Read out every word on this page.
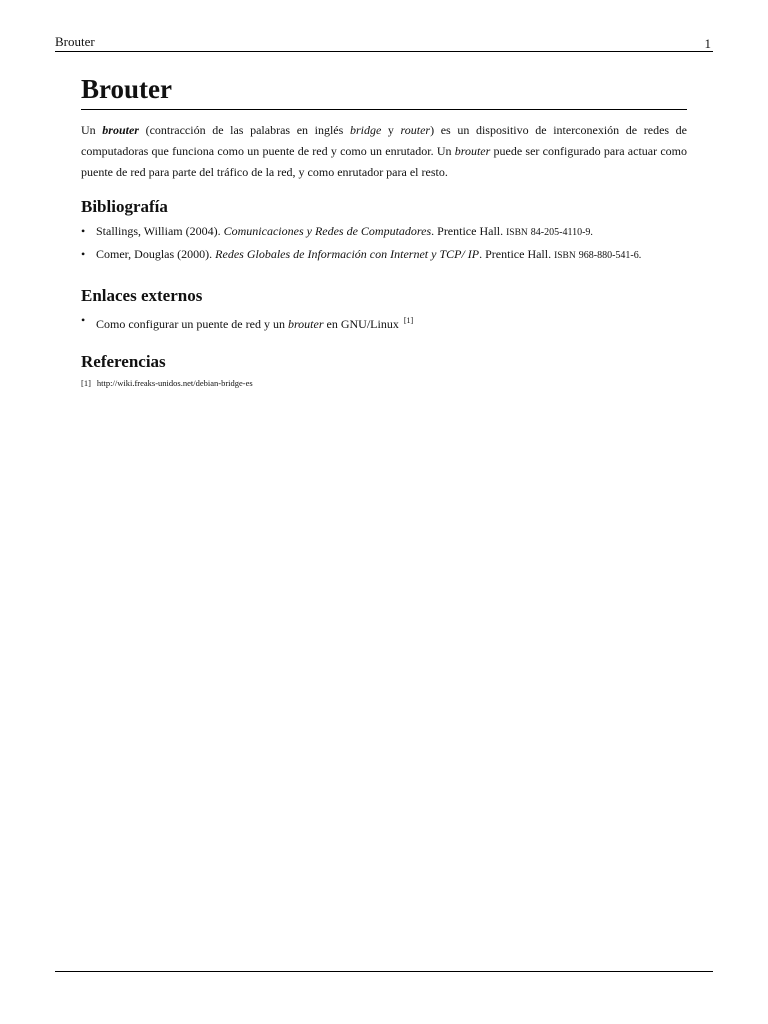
Brouter	1
Brouter

Un brouter (contracción de las palabras en inglés bridge y router) es un dispositivo de interconexión de redes de computadoras que funciona como un puente de red y como un enrutador. Un brouter puede ser configurado para actuar como puente de red para parte del tráfico de la red, y como enrutador para el resto.

Bibliografía
• Stallings, William (2004). Comunicaciones y Redes de Computadores. Prentice Hall. ISBN 84-205-4110-9.
• Comer, Douglas (2000). Redes Globales de Información con Internet y TCP/ IP. Prentice Hall. ISBN 968-880-541-6.
Enlaces externos
• Como configurar un puente de red y un brouter en GNU/Linux [1]
Referencias
[1] http://wiki.freaks-unidos.net/debian-bridge-es
